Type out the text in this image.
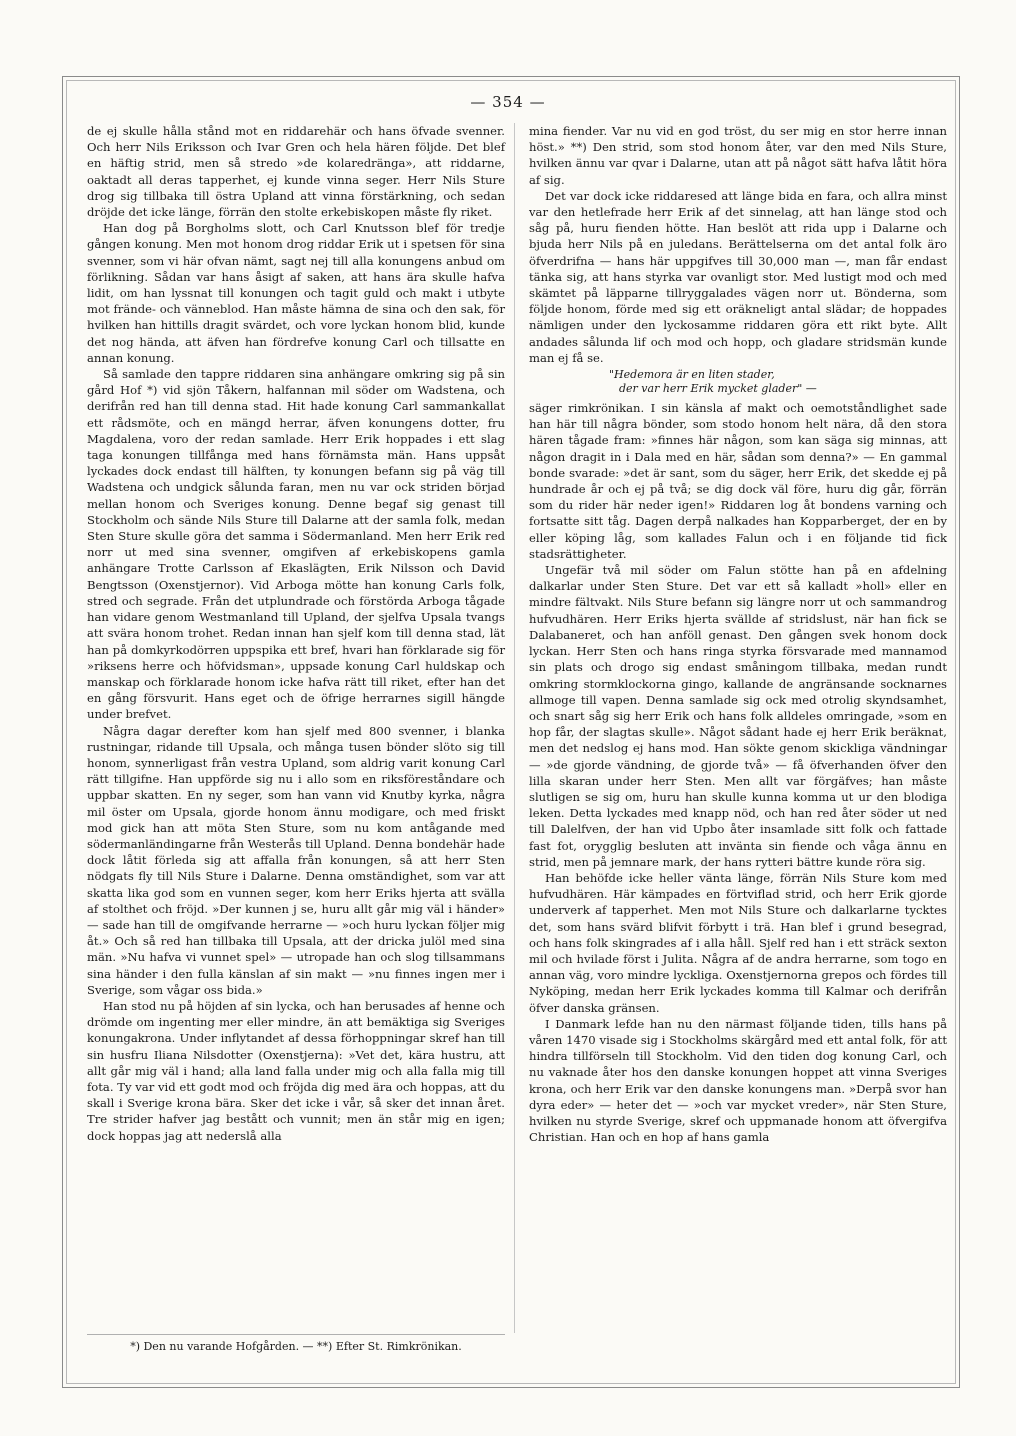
— 354 —

de ej skulle hålla stånd mot en riddarehär och hans öfvade svenner. Och herr Nils Eriksson och Ivar Gren och hela hären följde. Det blef en häftig strid, men så stredo »de kolaredränga», att riddarne, oaktadt all deras tapperhet, ej kunde vinna seger. Herr Nils Sture drog sig tillbaka till östra Upland att vinna förstärkning, och sedan dröjde det icke länge, förrän den stolte erkebiskopen måste fly riket.

Han dog på Borgholms slott, och Carl Knutsson blef för tredje gången konung. Men mot honom drog riddar Erik ut i spetsen för sina svenner, som vi här ofvan nämt, sagt nej till alla konungens anbud om förlikning. Sådan var hans åsigt af saken, att hans ära skulle hafva lidit, om han lyssnat till konungen och tagit guld och makt i utbyte mot frände- och vänneblod. Han måste hämna de sina och den sak, för hvilken han hittills dragit svärdet, och vore lyckan honom blid, kunde det nog hända, att äfven han fördrefve konung Carl och tillsatte en annan konung.

Så samlade den tappre riddaren sina anhängare omkring sig på sin gård Hof *) vid sjön Tåkern, halfannan mil söder om Wadstena, och derifrån red han till denna stad. Hit hade konung Carl sammankallat ett rådsmöte, och en mängd herrar, äfven konungens dotter, fru Magdalena, voro der redan samlade. Herr Erik hoppades i ett slag taga konungen tillfånga med hans förnämsta män. Hans uppsåt lyckades dock endast till hälften, ty konungen befann sig på väg till Wadstena och undgick sålunda faran, men nu var ock striden börjad mellan honom och Sveriges konung. Denne begaf sig genast till Stockholm och sände Nils Sture till Dalarne att der samla folk, medan Sten Sture skulle göra det samma i Södermanland. Men herr Erik red norr ut med sina svenner, omgifven af erkebiskopens gamla anhängare Trotte Carlsson af Ekaslägten, Erik Nilsson och David Bengtsson (Oxenstjernor). Vid Arboga mötte han konung Carls folk, stred och segrade. Från det utplundrade och förstörda Arboga tågade han vidare genom Westmanland till Upland, der sjelfva Upsala tvangs att svära honom trohet. Redan innan han sjelf kom till denna stad, lät han på domkyrkodörren uppspika ett bref, hvari han förklarade sig för »riksens herre och höfvidsman», uppsade konung Carl huldskap och manskap och förklarade honom icke hafva rätt till riket, efter han det en gång försvurit. Hans eget och de öfrige herrarnes sigill hängde under brefvet.

Några dagar derefter kom han sjelf med 800 svenner, i blanka rustningar, ridande till Upsala, och många tusen bönder slöto sig till honom, synnerligast från vestra Upland, som aldrig varit konung Carl rätt tillgifne. Han uppförde sig nu i allo som en riksföreståndare och uppbar skatten. En ny seger, som han vann vid Knutby kyrka, några mil öster om Upsala, gjorde honom ännu modigare, och med friskt mod gick han att möta Sten Sture, som nu kom antågande med södermanländingarne från Westerås till Upland. Denna bondehär hade dock låtit förleda sig att affalla från konungen, så att herr Sten nödgats fly till Nils Sture i Dalarne. Denna omständighet, som var att skatta lika god som en vunnen seger, kom herr Eriks hjerta att svälla af stolthet och fröjd. »Der kunnen j se, huru allt går mig väl i händer» — sade han till de omgifvande herrarne — »och huru lyckan följer mig åt.» Och så red han tillbaka till Upsala, att der dricka julöl med sina män. »Nu hafva vi vunnet spel» — utropade han och slog tillsammans sina händer i den fulla känslan af sin makt — »nu finnes ingen mer i Sverige, som vågar oss bida.»

Han stod nu på höjden af sin lycka, och han berusades af henne och drömde om ingenting mer eller mindre, än att bemäktiga sig Sveriges konungakrona. Under inflytandet af dessa förhoppningar skref han till sin husfru Iliana Nilsdotter (Oxenstjerna): »Vet det, kära hustru, att allt går mig väl i hand; alla land falla under mig och alla falla mig till fota. Ty var vid ett godt mod och fröjda dig med ära och hoppas, att du skall i Sverige krona bära. Sker det icke i vår, så sker det innan året. Tre strider hafver jag bestått och vunnit; men än står mig en igen; dock hoppas jag att nederslå alla

mina fiender. Var nu vid en god tröst, du ser mig en stor herre innan höst.» **) Den strid, som stod honom åter, var den med Nils Sture, hvilken ännu var qvar i Dalarne, utan att på något sätt hafva låtit höra af sig.

Det var dock icke riddaresed att länge bida en fara, och allra minst var den hetlefrade herr Erik af det sinnelag, att han länge stod och såg på, huru fienden hötte. Han beslöt att rida upp i Dalarne och bjuda herr Nils på en juledans. Berättelserna om det antal folk äro öfverdrifna — hans här uppgifves till 30,000 man —, man får endast tänka sig, att hans styrka var ovanligt stor. Med lustigt mod och med skämtet på läpparne tillryggalades vägen norr ut. Bönderna, som följde honom, förde med sig ett oräkneligt antal slädar; de hoppades nämligen under den lyckosamme riddaren göra ett rikt byte. Allt andades sålunda lif och mod och hopp, och gladare stridsmän kunde man ej få se.

"Hedemora är en liten stader,
der var herr Erik mycket glader" —

säger rimkrönikan. I sin känsla af makt och oemotståndlighet sade han här till några bönder, som stodo honom helt nära, då den stora hären tågade fram: »finnes här någon, som kan säga sig minnas, att någon dragit in i Dala med en här, sådan som denna?» — En gammal bonde svarade: »det är sant, som du säger, herr Erik, det skedde ej på hundrade år och ej på två; se dig dock väl före, huru dig går, förrän som du rider här neder igen!» Riddaren log åt bondens varning och fortsatte sitt tåg. Dagen derpå nalkades han Kopparberget, der en by eller köping låg, som kallades Falun och i en följande tid fick stadsrättigheter.

Ungefär två mil söder om Falun stötte han på en afdelning dalkarlar under Sten Sture. Det var ett så kalladt »holl» eller en mindre fältvakt. Nils Sture befann sig längre norr ut och sammandrog hufvudhären. Herr Eriks hjerta svällde af stridslust, när han fick se Dalabaneret, och han anföll genast. Den gången svek honom dock lyckan. Herr Sten och hans ringa styrka försvarade med mannamod sin plats och drogo sig endast småningom tillbaka, medan rundt omkring stormklockorna gingo, kallande de angränsande socknarnes allmoge till vapen. Denna samlade sig ock med otrolig skyndsamhet, och snart såg sig herr Erik och hans folk alldeles omringade, »som en hop får, der slagtas skulle». Något sådant hade ej herr Erik beräknat, men det nedslog ej hans mod. Han sökte genom skickliga vändningar — »de gjorde vändning, de gjorde två» — få öfverhanden öfver den lilla skaran under herr Sten. Men allt var förgäfves; han måste slutligen se sig om, huru han skulle kunna komma ut ur den blodiga leken. Detta lyckades med knapp nöd, och han red åter söder ut ned till Dalelfven, der han vid Upbo åter insamlade sitt folk och fattade fast fot, orygglig besluten att invänta sin fiende och våga ännu en strid, men på jemnare mark, der hans rytteri bättre kunde röra sig.

Han behöfde icke heller vänta länge, förrän Nils Sture kom med hufvudhären. Här kämpades en förtviflad strid, och herr Erik gjorde underverk af tapperhet. Men mot Nils Sture och dalkarlarne tycktes det, som hans svärd blifvit förbytt i trä. Han blef i grund besegrad, och hans folk skingrades af i alla håll. Sjelf red han i ett sträck sexton mil och hvilade först i Julita. Några af de andra herrarne, som togo en annan väg, voro mindre lyckliga. Oxenstjernorna grepos och fördes till Nyköping, medan herr Erik lyckades komma till Kalmar och derifrån öfver danska gränsen.

I Danmark lefde han nu den närmast följande tiden, tills hans på våren 1470 visade sig i Stockholms skärgård med ett antal folk, för att hindra tillförseln till Stockholm. Vid den tiden dog konung Carl, och nu vaknade åter hos den danske konungen hoppet att vinna Sveriges krona, och herr Erik var den danske konungens man. »Derpå svor han dyra eder» — heter det — »och var mycket vreder», när Sten Sture, hvilken nu styrde Sverige, skref och uppmanade honom att öfvergifva Christian. Han och en hop af hans gamla

*) Den nu varande Hofgården. — **) Efter St. Rimkrönikan.
